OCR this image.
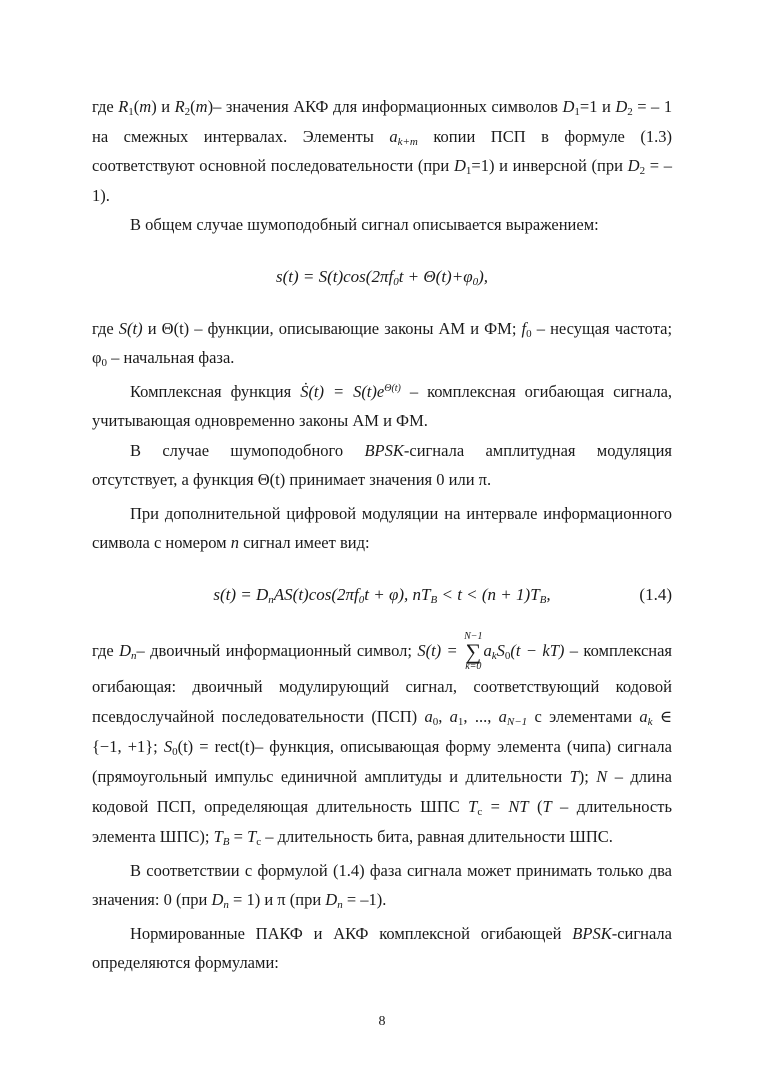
где $R_1(m)$ и $R_2(m)-$ значения АКФ для информационных символов $D_1=1$ и $D_2$ = – 1 на смежных интервалах. Элементы $a_{k+m}$ копии ПСП в формуле (1.3) соответствуют основной последовательности (при $D_1=1$) и инверсной (при $D_2$ = – 1).

В общем случае шумоподобный сигнал описывается выражением:

$s(t) = S(t)\cos(2\pi f_0t + \Theta(t)+\varphi_0)$,

где S(t) и Θ(t) – функции, описывающие законы АМ и ФМ; $f_0$ – несущая частота; $\varphi_0$ – начальная фаза.

Комплексная функция Ṡ(t) = $S(t)e^{\Theta(t)}$ – комплексная огибающая сигнала, учитывающая одновременно законы АМ и ФМ.

В случае шумоподобного BPSK-сигнала амплитудная модуляция отсутствует, а функция Θ(t) принимает значения 0 или π.

При дополнительной цифровой модуляции на интервале информационного символа с номером n сигнал имеет вид:

$s(t) = D_nAS(t)\cos(2\pi f_0t + \varphi)$, $nT_B < t < (n + 1)T_B$,	(1.4)

где $D_n-$ двоичный информационный символ; S(t) =
N−1
∑
k=0
$a_kS_0(t - kT)$ – комплексная огибающая: двоичный модулирующий сигнал, соответствующий кодовой псевдослучайной последовательности (ПСП) $a_0$, $a_1$, ..., $a_{N-1}$ с элементами $a_k$ ∈ {−1, +1}; $S_0(t)$ = rect(t)– функция, описывающая форму элемента (чипа) сигнала (прямоугольный импульс единичной амплитуды и длительности T); N – длина кодовой ПСП, определяющая длительность ШПС $T_с$ = NT (T – длительность элемента ШПС); $T_B = T_с$ – длительность бита, равная длительности ШПС.

В соответствии с формулой (1.4) фаза сигнала может принимать только два значения: 0 (при $D_n = 1$) и π (при $D_n = -1$).

Нормированные ПАКФ и АКФ комплексной огибающей BPSK-сигнала определяются формулами:

8
